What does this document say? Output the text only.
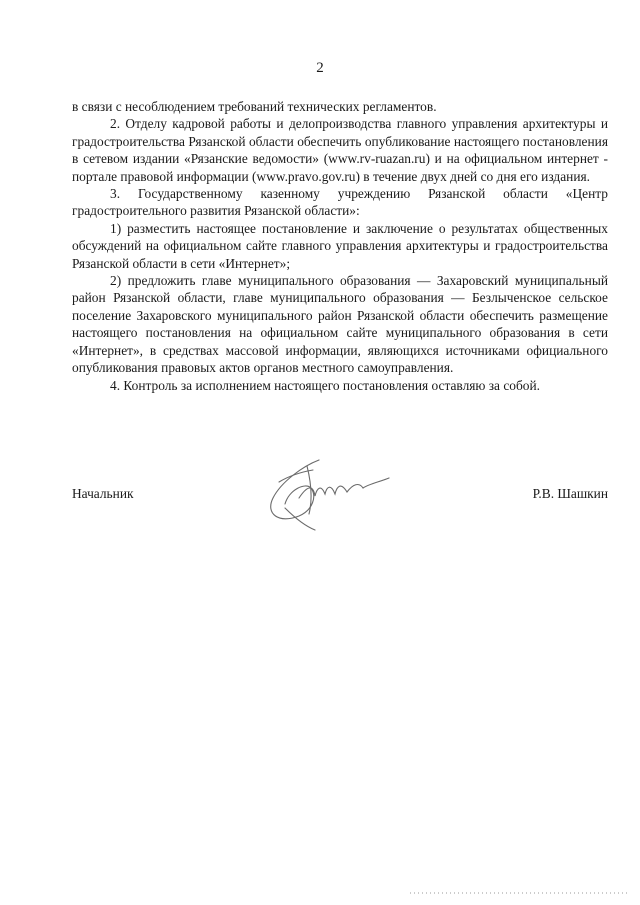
2

в связи с несоблюдением требований технических регламентов.

2. Отделу кадровой работы и делопроизводства главного управления архитектуры и градостроительства Рязанской области обеспечить опубликование настоящего постановления в сетевом издании «Рязанские ведомости» (www.rv-ruazan.ru) и на официальном интернет - портале правовой информации (www.pravo.gov.ru) в течение двух дней со дня его издания.

3. Государственному казенному учреждению Рязанской области «Центр градостроительного развития Рязанской области»:

1) разместить настоящее постановление и заключение о результатах общественных обсуждений на официальном сайте главного управления архитектуры и градостроительства Рязанской области в сети «Интернет»;

2) предложить главе муниципального образования — Захаровский муниципальный район Рязанской области, главе муниципального образования — Безлыченское сельское поселение Захаровского муниципального район Рязанской области обеспечить размещение настоящего постановления на официальном сайте муниципального образования в сети «Интернет», в средствах массовой информации, являющихся источниками официального опубликования правовых актов органов местного самоуправления.

4. Контроль за исполнением настоящего постановления оставляю за собой.

Начальник	Р.В. Шашкин
